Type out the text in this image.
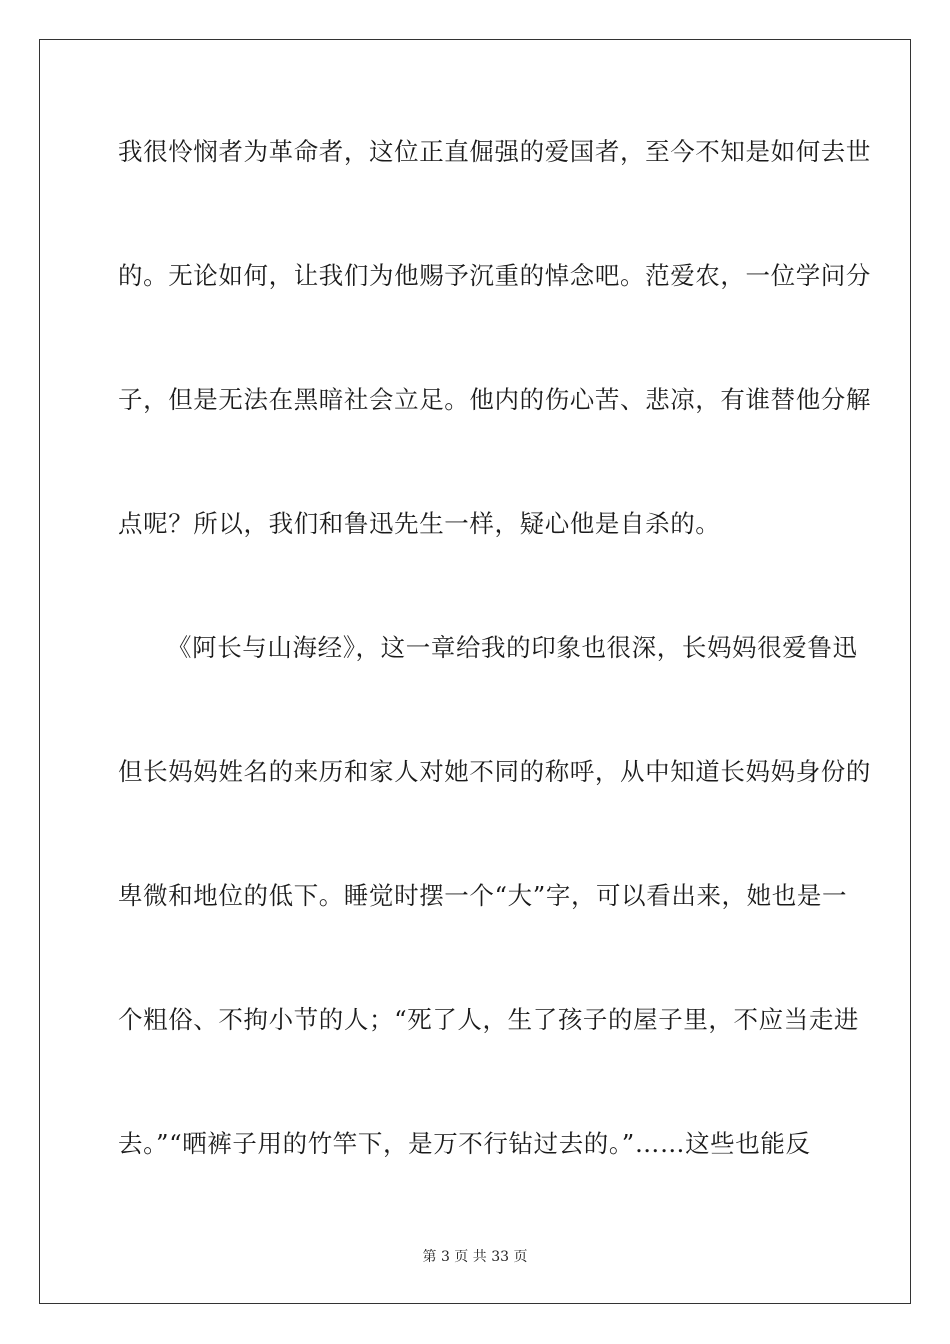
我很怜悯者为革命者，这位正直倔强的爱国者，至今不知是如何去世
的。无论如何，让我们为他赐予沉重的悼念吧。范爱农，一位学问分
子，但是无法在黑暗社会立足。他内的伤心苦、悲凉，有谁替他分解
点呢？所以，我们和鲁迅先生一样，疑心他是自杀的。
《阿长与山海经》，这一章给我的印象也很深，长妈妈很爱鲁迅
但长妈妈姓名的来历和家人对她不同的称呼，从中知道长妈妈身份的
卑微和地位的低下。睡觉时摆一个“大”字，可以看出来，她也是一
个粗俗、不拘小节的人；“死了人，生了孩子的屋子里，不应当走进
去。”“晒裤子用的竹竿下，是万不行钻过去的。”……这些也能反
第 3 页 共 33 页
